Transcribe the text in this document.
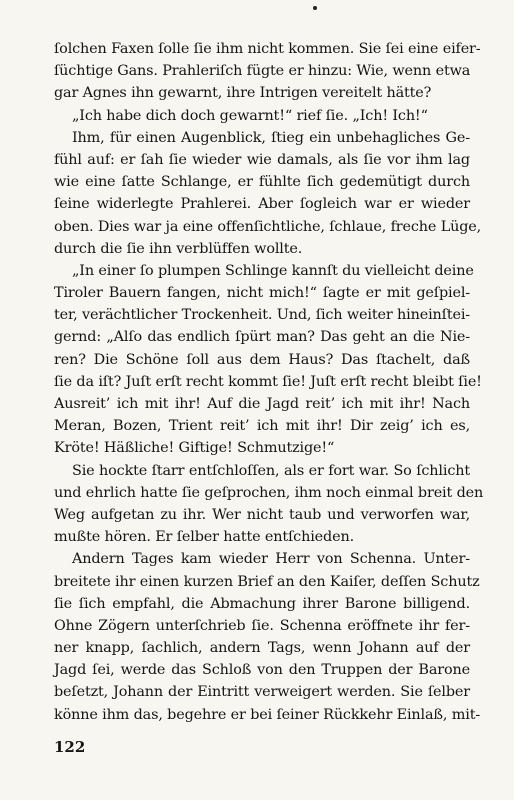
ſolchen Faxen ſolle ſie ihm nicht kommen. Sie ſei eine eifer-
ſüchtige Gans. Prahleriſch fügte er hinzu: Wie, wenn etwa
gar Agnes ihn gewarnt, ihre Intrigen vereitelt hätte?
„Ich habe dich doch gewarnt!“ rief ſie. „Ich! Ich!“
Ihm, für einen Augenblick, ſtieg ein unbehagliches Ge-
fühl auf: er ſah ſie wieder wie damals, als ſie vor ihm lag
wie eine ſatte Schlange, er fühlte ſich gedemütigt durch
ſeine widerlegte Prahlerei. Aber ſogleich war er wieder
oben. Dies war ja eine offenſichtliche, ſchlaue, freche Lüge,
durch die ſie ihn verblüffen wollte.
„In einer ſo plumpen Schlinge kannſt du vielleicht deine
Tiroler Bauern fangen, nicht mich!“ ſagte er mit geſpiel-
ter, verächtlicher Trockenheit. Und, ſich weiter hineinſtei-
gernd: „Alſo das endlich ſpürt man? Das geht an die Nie-
ren? Die Schöne ſoll aus dem Haus? Das ſtachelt, daß
ſie da iſt? Juſt erſt recht kommt ſie! Juſt erſt recht bleibt ſie!
Ausreit’ ich mit ihr! Auf die Jagd reit’ ich mit ihr! Nach
Meran, Bozen, Trient reit’ ich mit ihr! Dir zeig’ ich es,
Kröte! Häßliche! Giftige! Schmutzige!“
Sie hockte ſtarr entſchloſſen, als er fort war. So ſchlicht
und ehrlich hatte ſie geſprochen, ihm noch einmal breit den
Weg aufgetan zu ihr. Wer nicht taub und verworfen war,
mußte hören. Er ſelber hatte entſchieden.
Andern Tages kam wieder Herr von Schenna. Unter-
breitete ihr einen kurzen Brief an den Kaiſer, deſſen Schutz
ſie ſich empfahl, die Abmachung ihrer Barone billigend.
Ohne Zögern unterſchrieb ſie. Schenna eröffnete ihr fer-
ner knapp, ſachlich, andern Tags, wenn Johann auf der
Jagd ſei, werde das Schloß von den Truppen der Barone
beſetzt, Johann der Eintritt verweigert werden. Sie ſelber
könne ihm das, begehre er bei ſeiner Rückkehr Einlaß, mit-
122
